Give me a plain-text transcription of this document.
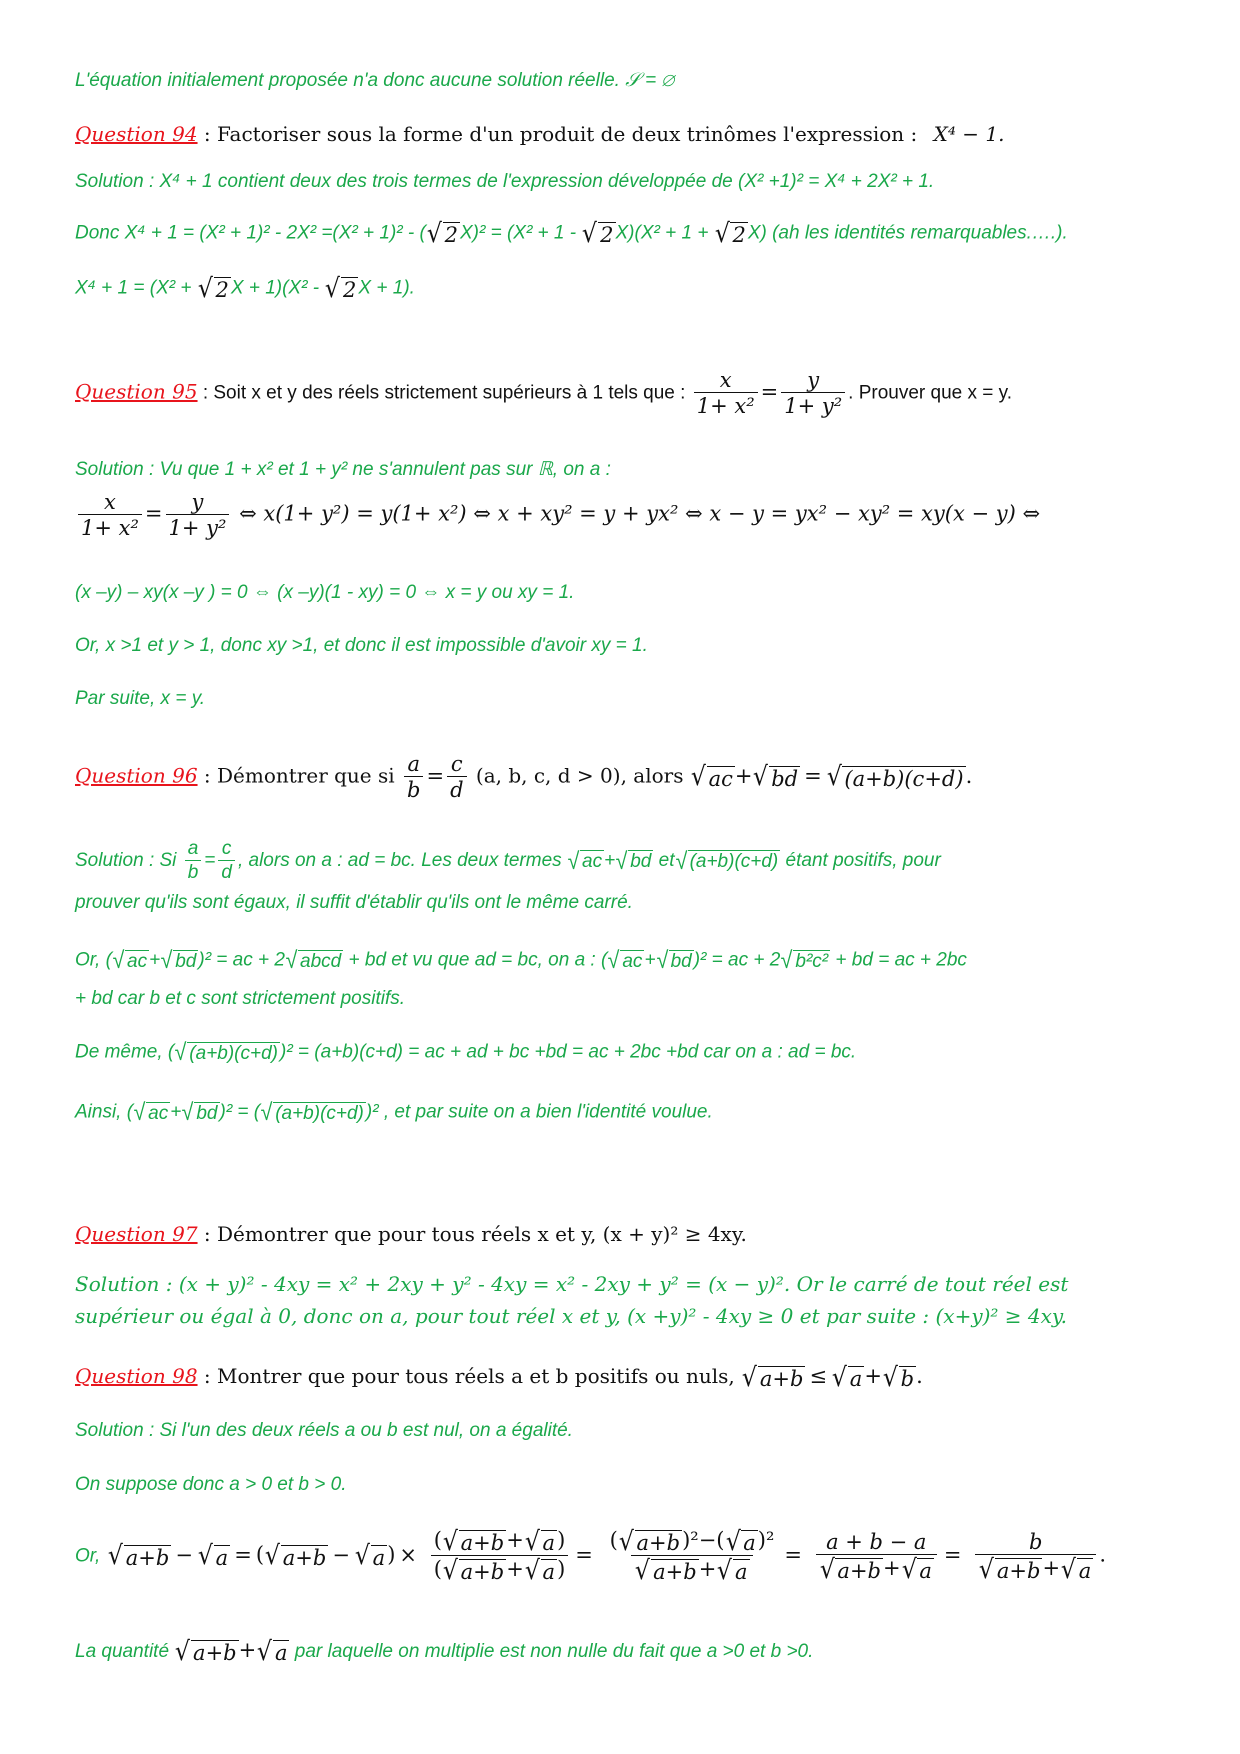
L'équation initialement proposée n'a donc aucune solution réelle. 𝒮 = ∅
Question 94 : Factoriser sous la forme d'un produit de deux trinômes l'expression : X⁴ − 1.
Solution : X⁴ + 1 contient deux des trois termes de l'expression développée de (X² +1)² = X⁴ + 2X² + 1.
Donc X⁴ + 1 = (X² + 1)² - 2X² =(X² + 1)² - ( √ 2 X)² = (X² + 1 - √ 2 X)(X² + 1 + √ 2 X) (ah les identités remarquables.….).
X⁴ + 1 = (X² + √ 2 X + 1)(X² - √ 2 X + 1).
Question 95 : Soit x et y des réels strictement supérieurs à 1 tels que : $\frac{x}{\text{1+ x²}} = \frac{y}{\text{1+ y²}}$ . Prouver que x = y.
Solution : Vu que 1 + x² et 1 + y² ne s'annulent pas sur ℝ, on a :
$\frac{x}{\text{1+ x²}} = \frac{y}{\text{1+ y²}}$ ⇔ x(1+ y²) = y(1+ x²) ⇔ x + xy² = y + yx² ⇔ x − y = yx² − xy² = xy(x − y) ⇔
(x –y) – xy(x –y ) = 0 ⇔ (x –y)(1 - xy) = 0 ⇔ x = y ou xy = 1.
Or, x >1 et y > 1, donc xy >1, et donc il est impossible d'avoir xy = 1.
Par suite, x = y.
Question 96 : Démontrer que si $\frac{a}{b} = \frac{c}{d} (a$, b, c, d > 0), alors √ ac + √ bd = √ (a+b)(c+d) .
Solution : Si $\frac{a}{b} = \frac{c}{d}$ , alors on a : ad = bc. Les deux termes √ ac + √ bd et √ (a+b)(c+d) étant positifs, pour
prouver qu'ils sont égaux, il suffit d'établir qu'ils ont le même carré.
Or, ( √ ac + √ bd )² = ac + 2 √ abcd + bd et vu que ad = bc, on a : ( √ ac + √ bd )² = ac + 2 √ b²c² + bd = ac + 2bc
+ bd car b et c sont strictement positifs.
De même, ( √ (a+b)(c+d) )² = (a+b)(c+d) = ac + ad + bc +bd = ac + 2bc +bd car on a : ad = bc.
Ainsi, ( √ ac + √ bd )² = ( √ (a+b)(c+d) )² , et par suite on a bien l'identité voulue.
Question 97 : Démontrer que pour tous réels x et y, (x + y)² ≥ 4xy.
Solution : (x + y)² - 4xy = x² + 2xy + y² - 4xy = x² - 2xy + y² = (x − y)². Or le carré de tout réel est
supérieur ou égal à 0, donc on a, pour tout réel x et y, (x +y)² - 4xy ≥ 0 et par suite : (x+y)² ≥ 4xy.
Question 98 : Montrer que pour tous réels a et b positifs ou nuls, √ a+b ≤ √ a + √ b .
Solution : Si l'un des deux réels a ou b est nul, on a égalité.
On suppose donc a > 0 et b > 0.
Or, √ a+b − √ a = ( √ a+b − √ a ) × $\frac{( √ a+b + √ a )}{( √ a+b + √ a )} = \frac{\text{( √ a+b )²−( √ a )²}}{√ a+b + √ a} = \frac{a + b - a}{√ a+b + √ a} = \frac{b}{√ a+b + √ a}$ .
La quantité √ a+b + √ a par laquelle on multiplie est non nulle du fait que a >0 et b >0.
